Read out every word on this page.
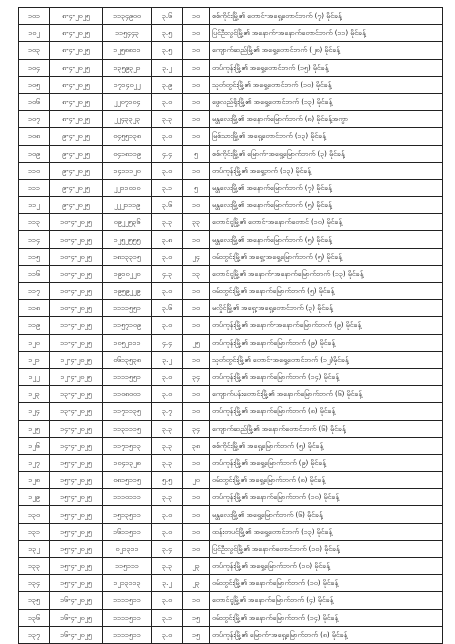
၁၀၁	၈-၄-၂၀၂၅	၁၁၃၄၉၀၀	၃.၆	၁၀	စစ်ကိုင်းမြို့၏ တောင်-အရှေ့တောင်ဘက် (၇) မိုင်ခန့်
၁၀၂	၈-၄-၂၀၂၅	၁၁၅၄၄၃	၃.၅	၁၀	ပြင်ဦးလွင်မြို့၏ အနောက်-အနောက်တောင်ဘက် (၁၁) မိုင်ခန့်
၁၀၃	၈-၄-၂၀၂၅	၁၂၅၈၈၁၁	၃.၅	၁၀	ကျောက်ဆည်မြို့၏ အရှေ့တောင်ဘက် (၂၈) မိုင်ခန့်
၁၀၄	၈-၄-၂၀၂၅	၁၃၅၉၃၂၁	၃.၂	၁၀	တပ်ကုန်းမြို့၏ အရှေ့တောင်ဘက် (၁၅) မိုင်ခန့်
၁၀၅	၈-၄-၂၀၂၅	၁၇၁၄၀၂၂	၃.၉	၁၀	သုတ်တွင်းမြို့၏ အရှေ့တောင်ဘက် (၁၀) မိုင်ခန့်
၁၀၆	၈-၄-၂၀၂၅	၂၂၀၇၁၀၄	၃.၀	၁၀	ဖွေလည်ရိုးမြို့၏ အရှေ့တောင်ဘက် (၁၃) မိုင်ခန့်
၁၀၇	၈-၄-၂၀၂၅	၂၂၄၃၃၂၃	၃.၃	၁၀	မန္တလေးမြို့၏ အနောက်မြောက်ဘက် (၈) မိုင်ခန့်အကွာ
၁၀၈	၉-၄-၂၀၂၅	၀၄၅၅၁၃၈	၃.၀	၁၀	မြစ်သားမြို့၏ အရှေ့တောင်ဘက် (၁၃) မိုင်ခန့်
၁၀၉	၉-၄-၂၀၂၅	၀၄၁၈၁၁၉	၄.၄	၅	စစ်ကိုင်းမြို့၏ မြောက်-အရှေ့မြောက်ဘက် (၃) မိုင်ခန့်
၁၁၀	၉-၄-၂၀၂၅	၁၄၁၁၁၂၀	၃.၀	၁၀	တပ်ကုန်းမြို့၏ အရှေ့ဘက် (၁၃) မိုင်ခန့်
၁၁၁	၉-၄-၂၀၂၅	၂၂၁၁၀၁၀	၃.၁	၅	မန္တလေးမြို့၏ အနောက်မြောက်ဘက် (၇) မိုင်ခန့်
၁၁၂	၉-၄-၂၀၂၅	၂၂၂၁၁၁၉	၃.၆	၁၀	မန္တလေးမြို့၏ အနောက်မြောက်ဘက် (၅) မိုင်ခန့်
၁၁၃	၁၀-၄-၂၀၂၅	၀၉၂၂၅၃၆	၃.၃	၃၃	တောင်ငူမြို့၏ တောင်-အနောက်တောင် (၁၀) မိုင်ခန့်
၁၁၄	၁၀-၄-၂၀၂၅	၁၂၅၂၅၅၅	၃.၈	၁၀	မန္တလေးမြို့၏ အနောက်မြောက်ဘက် (၅) မိုင်ခန့်
၁၁၅	၁၀-၄-၂၀၂၅	၁၈၁၃၃၁၅	၃.၀	၂၄	ဝမ်းတွင်းမြို့၏ အရှေ့-အရှေ့မြောက်ဘက် (၅) မိုင်ခန့်
၁၁၆	၁၀-၄-၂၀၂၅	၁၉၁၀၂၂၀	၄.၃	၁၃	တောင်ငူမြို့၏ အနောက်-အနောက်မြောက်ဘက် (၁၃) မိုင်ခန့်
၁၁၇	၁၀-၄-၂၀၂၅	၁၉၅၉၂၂၉	၃.၀	၁၀	ဝမ်းတွင်းမြို့၏ အနောက်မြောက်ဘက် (၅) မိုင်ခန့်
၁၁၈	၁၀-၄-၂၀၂၅	၁၁၁၁၅၅၁	၃.၆	၁၀	မလှိုင်မြို့၏ အရှေ့-အရှေ့တောင်ဘက် (၃) မိုင်ခန့်
၁၁၉	၁၁-၄-၂၀၂၅	၁၁၅၇၁၀၉	၃.၀	၁၀	တပ်ကုန်းမြို့၏ အနောက်-အနောက်မြောက်ဘက် (၉) မိုင်ခန့်
၁၂၀	၁၁-၄-၂၀၂၅	၁၀၅၂၁၁၁	၄.၄	၂၅	တပ်ကုန်းမြို့၏ အနောက်မြောက်ဘက် (၉) မိုင်ခန့်
၁၂၁	၁၂-၄-၂၀၂၅	၀၆၁၃၅၃၈	၃.၂	၁၀	သုတ်တွင်းမြို့၏ တောင်-အရှေ့တောင်ဘက် (၁၂)မိုင်ခန့်
၁၂၂	၁၂-၄-၂၀၂၅	၁၁၁၁၅၅၁	၃.၀	၃၄	တပ်ကုန်းမြို့၏ အနောက်မြောက်ဘက် (၁၄) မိုင်ခန့်
၁၂၃	၁၃-၄-၂၀၂၅	၁၁၀၈၀၀၁	၃.၀	၁၀	ကျောက်ပန်းတောင်းမြို့၏ အနောက်မြောက်ဘက် (၆) မိုင်ခန့်
၁၂၄	၁၃-၄-၂၀၂၅	၁၁၇၁၁၃၅	၃.၇	၁၀	တပ်ကုန်းမြို့၏ အနောက်မြောက်ဘက် (၈) မိုင်ခန့်
၁၂၅	၁၄-၄-၂၀၂၅	၁၁၃၁၁၁၅	၃.၃	၃၄	ကျောက်ဆည်မြို့၏ အနောက်တောင်ဘက် (၆) မိုင်ခန့်
၁၂၆	၁၄-၄-၂၀၂၅	၁၁၇၁၅၁၃	၃.၃	၃၈	စစ်ကိုင်းမြို့၏ အရှေ့မြောက်ဘက် (၅) မိုင်ခန့်
၁၂၇	၁၅-၄-၂၀၂၅	၁၀၄၁၃၂၈	၃.၃	၁၀	တပ်ကုန်းမြို့၏ အရှေ့မြောက်ဘက် (၉) မိုင်ခန့်
၁၂၈	၁၅-၄-၂၀၂၅	၀၈၁၅၁၁၅	၅.၅	၂၀	ဝမ်းတွင်းမြို့၏ အရှေ့မြောက်ဘက် (၈) မိုင်ခန့်
၁၂၉	၁၅-၄-၂၀၂၅	၁၁၁၀၁၁၁	၃.၃	၁၀	တပ်ကုန်းမြို့၏ အနောက်မြောက်ဘက် (၁၀) မိုင်ခန့်
၁၃၀	၁၅-၄-၂၀၂၅	၁၅၁၃၅၁၁	၃.၀	၁၀	မန္တလေးမြို့၏ အရှေ့မြောက်ဘက် (၆) မိုင်ခန့်
၁၃၁	၁၅-၄-၂၀၂၅	၁၆၁၁၅၁၁	၃.၀	၁၀	ထန်းတပင်မြို့၏ အရှေ့တောင်ဘက် (၁၃) မိုင်ခန့်
၁၃၂	၁၅-၄-၂၀၂၅	၀၂၁၃၁၁	၃.၄	၁၀	ပြင်ဦးလွင်မြို့၏ အနောက်တောင်ဘက် (၁၀) မိုင်ခန့်
၁၃၃	၁၅-၄-၂၀၂၅	၁၁၅၁၁၁	၃.၃	၂၃	တပ်ကုန်းမြို့၏ အရှေ့မြောက်ဘက် (၁၀) မိုင်ခန့်
၁၃၄	၁၅-၄-၂၀၂၅	၁၂၁၃၁၁၃	၃.၂	၂၃	ဝမ်းတွင်းမြို့၏ အနောက်မြောက်ဘက် (၁၀) မိုင်ခန့်
၁၃၅	၁၆-၄-၂၀၂၅	၁၁၁၁၅၁၁	၃.၀	၁၀	တောင်ငူမြို့၏ အနောက်မြောက်ဘက် (၄) မိုင်ခန့်
၁၃၆	၁၆-၄-၂၀၂၅	၁၁၁၁၅၁၁	၃.၁	၁၅	ဝမ်းတွင်းမြို့၏ အနောက်မြောက်ဘက် (၁၄) မိုင်ခန့်
၁၃၇	၁၆-၄-၂၀၂၅	၁၁၁၁၅၁၁	၃.၀	၁၅	တပ်ကုန်းမြို့၏ မြောက်-အရှေ့မြောက်ဘက် (၈) မိုင်ခန့်
